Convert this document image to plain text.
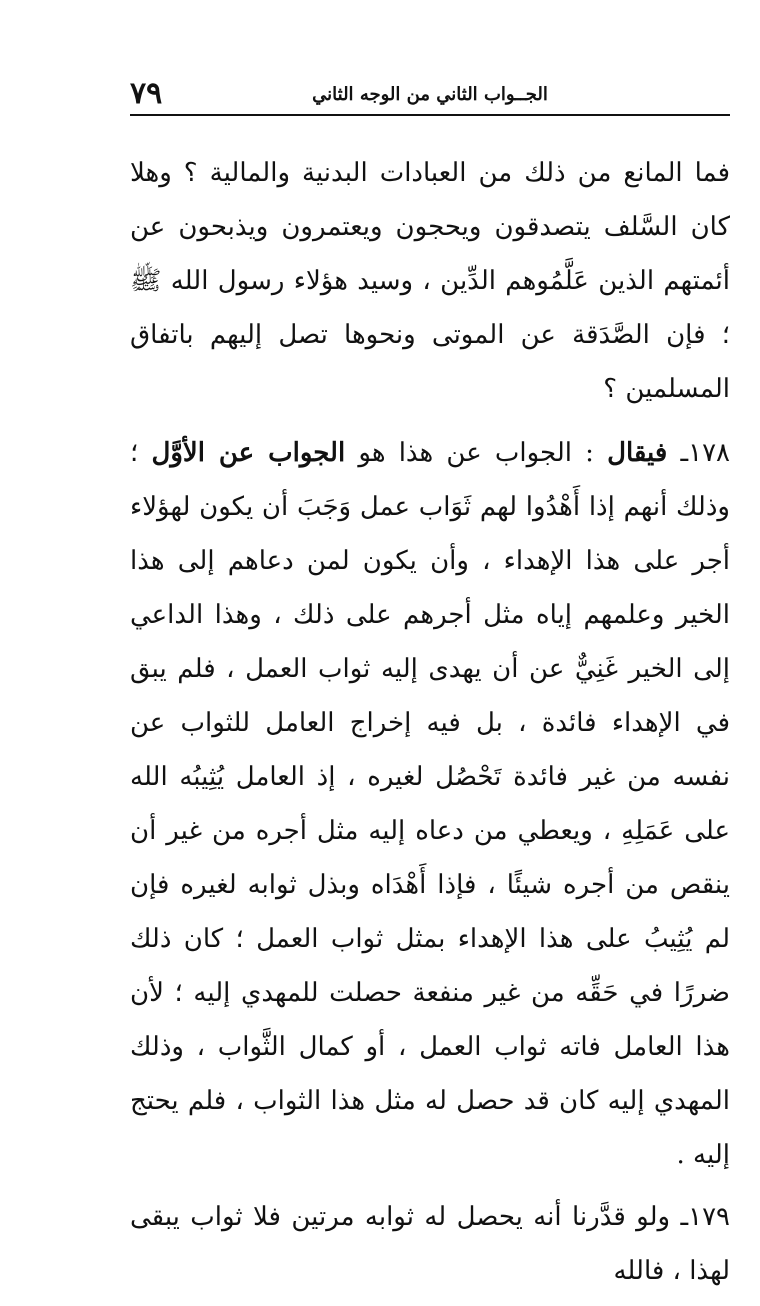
٧٩	الجــواب الثاني من الوجه الثاني

فما المانع من ذلك من العبادات البدنية والمالية ؟ وهلا كان السَّلف يتصدقون ويحجون ويعتمرون ويذبحون عن أئمتهم الذين عَلَّمُوهم الدِّين ، وسيد هؤلاء رسول الله ﷺ ؛ فإن الصَّدَقة عن الموتى ونحوها تصل إليهم باتفاق المسلمين ؟

١٧٨ـ فيقال : الجواب عن هذا هو الجواب عن الأوَّل ؛ وذلك أنهم إذا أَهْدُوا لهم ثَوَاب عمل وَجَبَ أن يكون لهؤلاء أجر على هذا الإهداء ، وأن يكون لمن دعاهم إلى هذا الخير وعلمهم إياه مثل أجرهم على ذلك ، وهذا الداعي إلى الخير غَنِيٌّ عن أن يهدى إليه ثواب العمل ، فلم يبق في الإهداء فائدة ، بل فيه إخراج العامل للثواب عن نفسه من غير فائدة تَحْصُل لغيره ، إذ العامل يُثِيبُه الله على عَمَلِهِ ، ويعطي من دعاه إليه مثل أجره من غير أن ينقص من أجره شيئًا ، فإذا أَهْدَاه وبذل ثوابه لغيره فإن لم يُثِيبُ على هذا الإهداء بمثل ثواب العمل ؛ كان ذلك ضررًا في حَقِّه من غير منفعة حصلت للمهدي إليه ؛ لأن هذا العامل فاته ثواب العمل ، أو كمال الثَّواب ، وذلك المهدي إليه كان قد حصل له مثل هذا الثواب ، فلم يحتج إليه .

١٧٩ـ ولو قدَّرنا أنه يحصل له ثوابه مرتين فلا ثواب يبقى لهذا ، فالله
